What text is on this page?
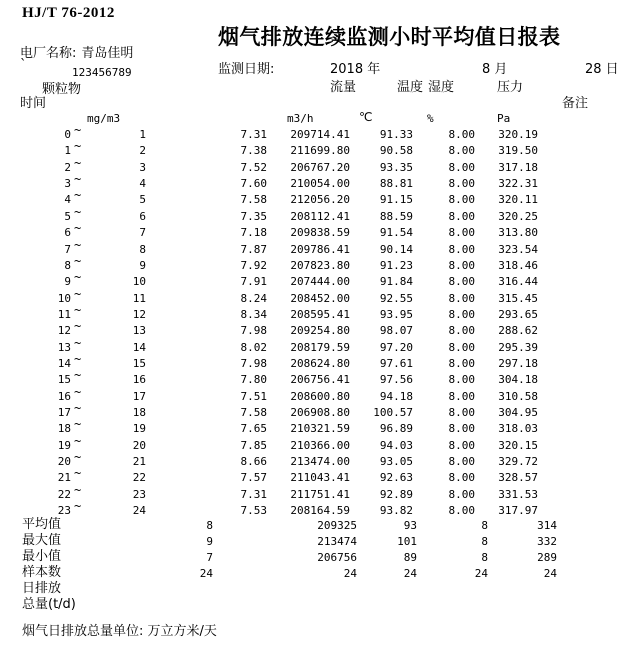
HJ/T 76-2012
烟气排放连续监测小时平均值日报表
电厂名称: 青岛佳明
`	123456789	监测日期:	2018 年	8 月	28 日
颗粒物	流量	温度 湿度	压力
时间	备注
mg/m3	m3/h	℃	%	Pa
0 ~	1	7.31	209714.41	91.33	8.00	320.19
1 ~	2	7.38	211699.80	90.58	8.00	319.50
2 ~	3	7.52	206767.20	93.35	8.00	317.18
3 ~	4	7.60	210054.00	88.81	8.00	322.31
4 ~	5	7.58	212056.20	91.15	8.00	320.11
5 ~	6	7.35	208112.41	88.59	8.00	320.25
6 ~	7	7.18	209838.59	91.54	8.00	313.80
7 ~	8	7.87	209786.41	90.14	8.00	323.54
8 ~	9	7.92	207823.80	91.23	8.00	318.46
9 ~	10	7.91	207444.00	91.84	8.00	316.44
10 ~	11	8.24	208452.00	92.55	8.00	315.45
11 ~	12	8.34	208595.41	93.95	8.00	293.65
12 ~	13	7.98	209254.80	98.07	8.00	288.62
13 ~	14	8.02	208179.59	97.20	8.00	295.39
14 ~	15	7.98	208624.80	97.61	8.00	297.18
15 ~	16	7.80	206756.41	97.56	8.00	304.18
16 ~	17	7.51	208600.80	94.18	8.00	310.58
17 ~	18	7.58	206908.80	100.57	8.00	304.95
18 ~	19	7.65	210321.59	96.89	8.00	318.03
19 ~	20	7.85	210366.00	94.03	8.00	320.15
20 ~	21	8.66	213474.00	93.05	8.00	329.72
21 ~	22	7.57	211043.41	92.63	8.00	328.57
22 ~	23	7.31	211751.41	92.89	8.00	331.53
23 ~	24	7.53	208164.59	93.82	8.00	317.97
平均值	8	209325	93	8	314
最大值	9	213474	101	8	332
最小值	7	206756	89	8	289
样本数	24	24	24	24	24
日排放
总量(t/d)
烟气日排放总量单位: 万立方米/天
